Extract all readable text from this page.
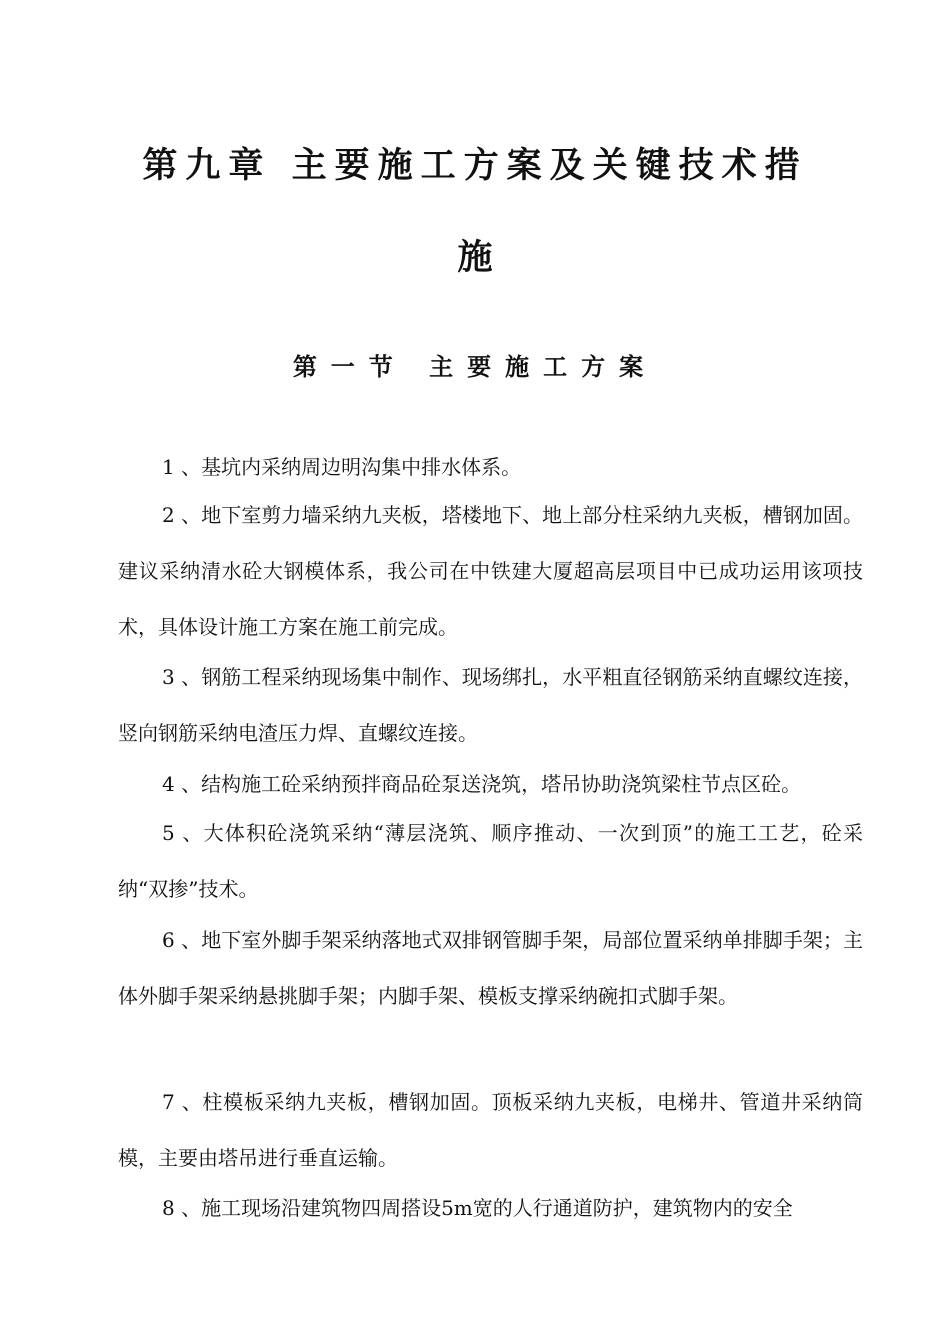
第九章 主要施工方案及关键技术措
施
第一节 主要施工方案

1 、基坑内采纳周边明沟集中排水体系。

2 、地下室剪力墙采纳九夹板，塔楼地下、地上部分柱采纳九夹板，槽钢加固。建议采纳清水砼大钢模体系，我公司在中铁建大厦超高层项目中已成功运用该项技术，具体设计施工方案在施工前完成。

3 、钢筋工程采纳现场集中制作、现场绑扎，水平粗直径钢筋采纳直螺纹连接，竖向钢筋采纳电渣压力焊、直螺纹连接。

4 、结构施工砼采纳预拌商品砼泵送浇筑，塔吊协助浇筑梁柱节点区砼。

5 、大体积砼浇筑采纳“薄层浇筑、顺序推动、一次到顶”的施工工艺，砼采纳“双掺”技术。

6 、地下室外脚手架采纳落地式双排钢管脚手架，局部位置采纳单排脚手架；主体外脚手架采纳悬挑脚手架；内脚手架、模板支撑采纳碗扣式脚手架。

7 、柱模板采纳九夹板，槽钢加固。顶板采纳九夹板，电梯井、管道井采纳筒模，主要由塔吊进行垂直运输。

8 、施工现场沿建筑物四周搭设5m宽的人行通道防护，建筑物内的安全
